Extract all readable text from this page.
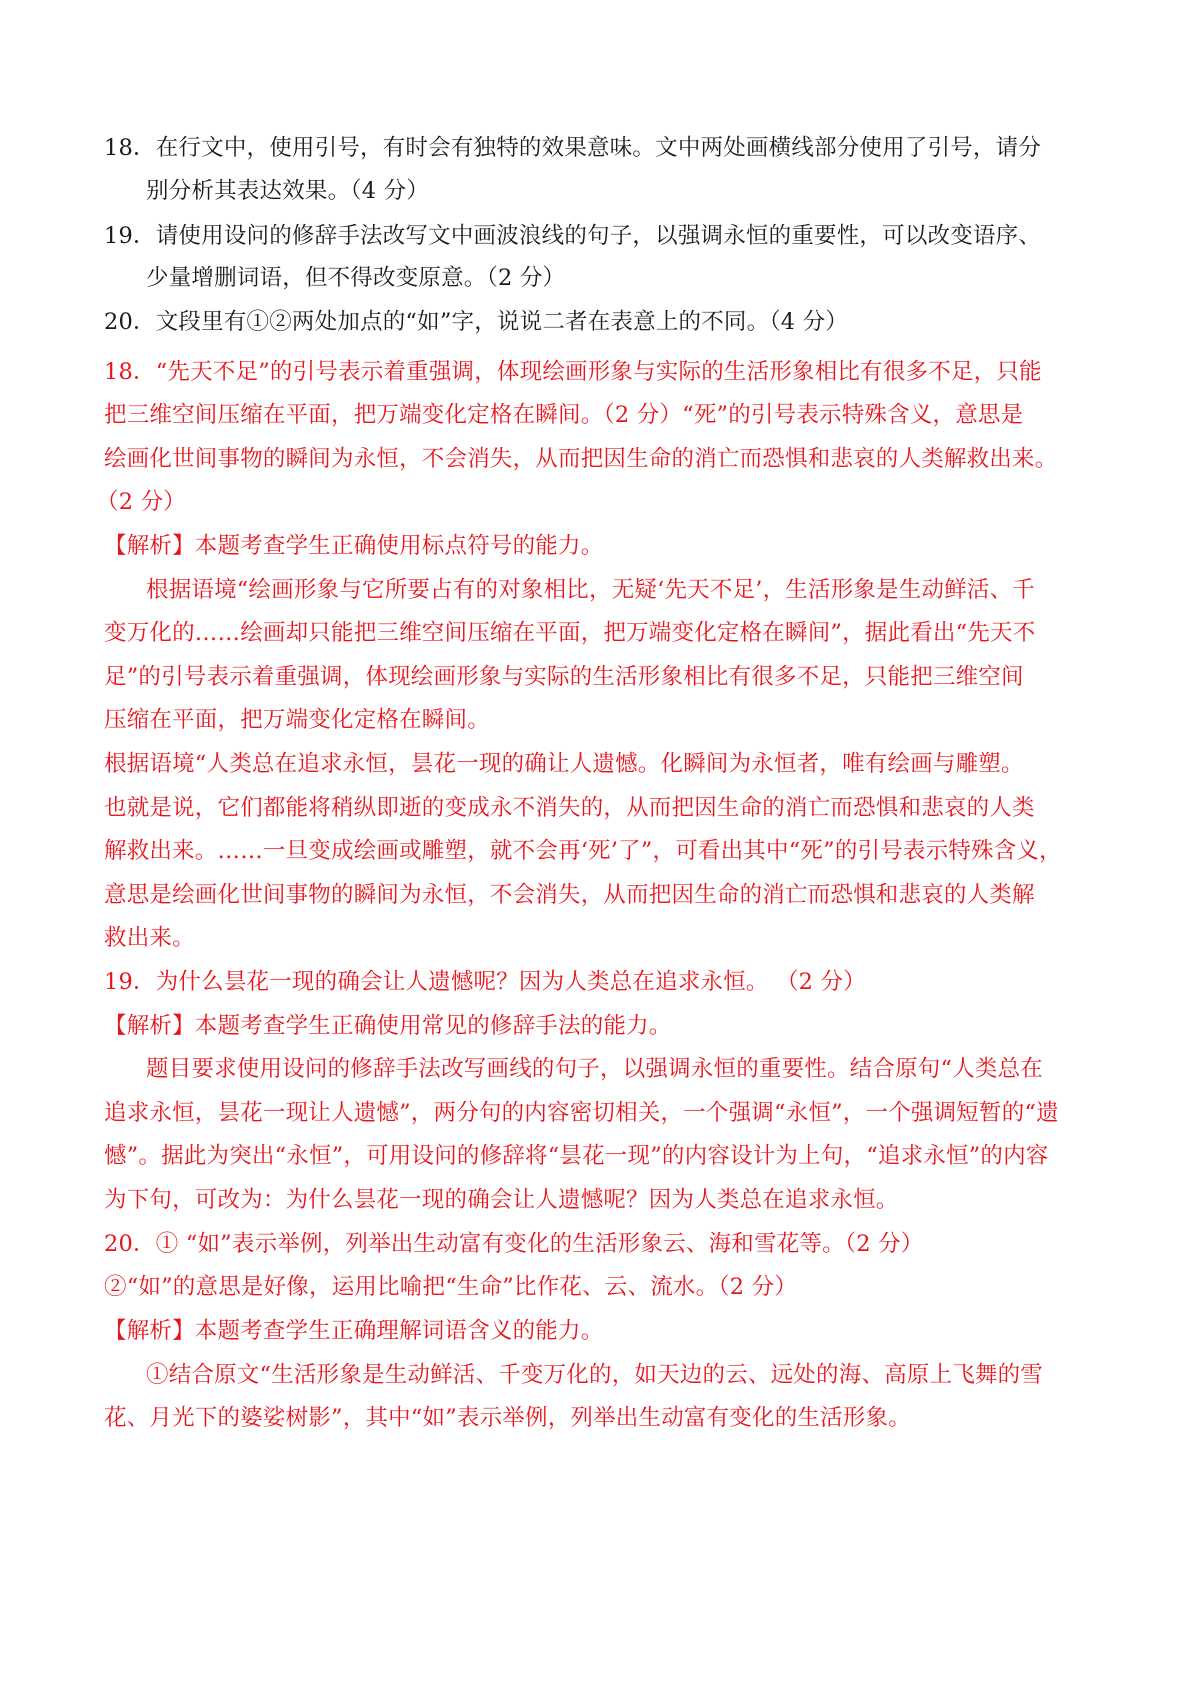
18．在行文中，使用引号，有时会有独特的效果意味。文中两处画横线部分使用了引号，请分
别分析其表达效果。（4 分）
19．请使用设问的修辞手法改写文中画波浪线的句子，以强调永恒的重要性，可以改变语序、
少量增删词语，但不得改变原意。（2 分）
20．文段里有①②两处加点的“如”字，说说二者在表意上的不同。（4 分）
18．“先天不足”的引号表示着重强调，体现绘画形象与实际的生活形象相比有很多不足，只能
把三维空间压缩在平面，把万端变化定格在瞬间。（2 分）“死”的引号表示特殊含义，意思是
绘画化世间事物的瞬间为永恒，不会消失，从而把因生命的消亡而恐惧和悲哀的人类解救出来。
（2 分）
【解析】本题考查学生正确使用标点符号的能力。
根据语境“绘画形象与它所要占有的对象相比，无疑‘先天不足’，生活形象是生动鲜活、千
变万化的……绘画却只能把三维空间压缩在平面，把万端变化定格在瞬间”，据此看出“先天不
足”的引号表示着重强调，体现绘画形象与实际的生活形象相比有很多不足，只能把三维空间
压缩在平面，把万端变化定格在瞬间。
根据语境“人类总在追求永恒，昙花一现的确让人遗憾。化瞬间为永恒者，唯有绘画与雕塑。
也就是说，它们都能将稍纵即逝的变成永不消失的，从而把因生命的消亡而恐惧和悲哀的人类
解救出来。……一旦变成绘画或雕塑，就不会再‘死’了”，可看出其中“死”的引号表示特殊含义，
意思是绘画化世间事物的瞬间为永恒，不会消失，从而把因生命的消亡而恐惧和悲哀的人类解
救出来。
19．为什么昙花一现的确会让人遗憾呢？因为人类总在追求永恒。 （2 分）
【解析】本题考查学生正确使用常见的修辞手法的能力。
题目要求使用设问的修辞手法改写画线的句子，以强调永恒的重要性。结合原句“人类总在
追求永恒，昙花一现让人遗憾”，两分句的内容密切相关，一个强调“永恒”，一个强调短暂的“遗
憾”。据此为突出“永恒”，可用设问的修辞将“昙花一现”的内容设计为上句，“追求永恒”的内容
为下句，可改为：为什么昙花一现的确会让人遗憾呢？因为人类总在追求永恒。
20．① “如”表示举例，列举出生动富有变化的生活形象云、海和雪花等。（2 分）
②“如”的意思是好像，运用比喻把“生命”比作花、云、流水。（2 分）
【解析】本题考查学生正确理解词语含义的能力。
①结合原文“生活形象是生动鲜活、千变万化的，如天边的云、远处的海、高原上飞舞的雪
花、月光下的婆娑树影”，其中“如”表示举例，列举出生动富有变化的生活形象。
